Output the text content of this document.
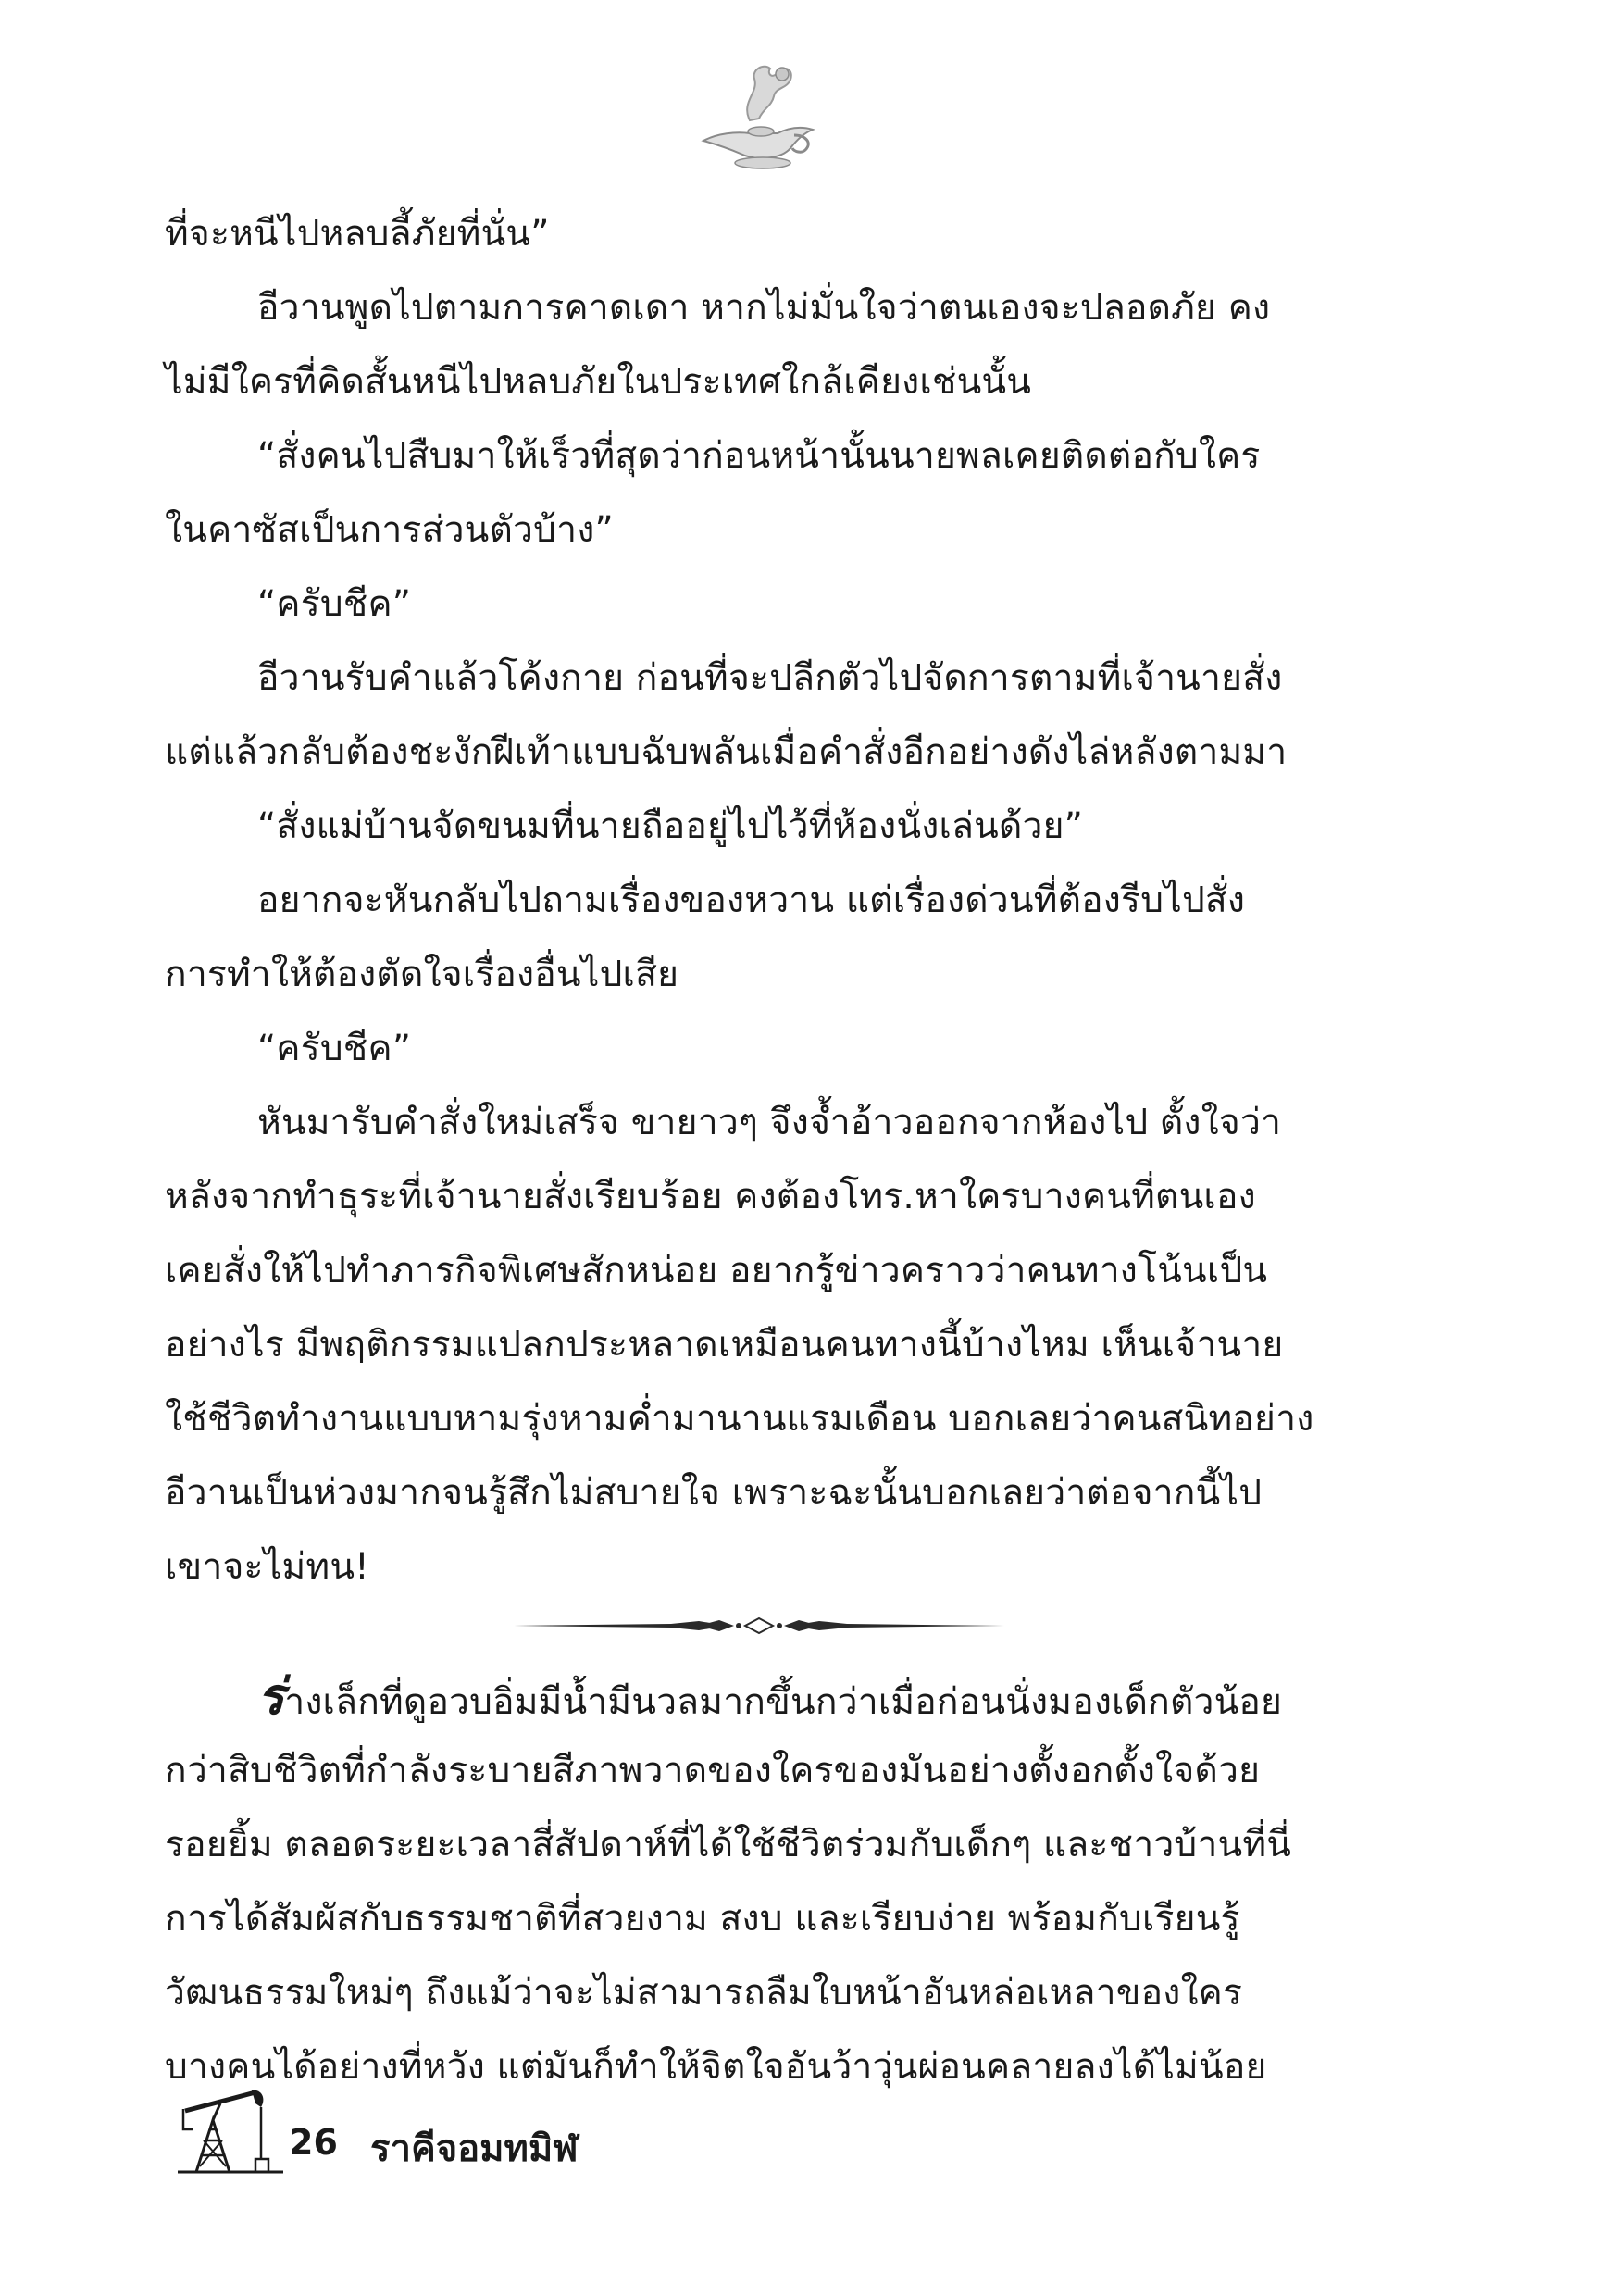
ที่จะหนีไปหลบลี้ภัยที่นั่น”
อีวานพูดไปตามการคาดเดา หากไม่มั่นใจว่าตนเองจะปลอดภัย คง
ไม่มีใครที่คิดสั้นหนีไปหลบภัยในประเทศใกล้เคียงเช่นนั้น
“สั่งคนไปสืบมาให้เร็วที่สุดว่าก่อนหน้านั้นนายพลเคยติดต่อกับใคร
ในคาซัสเป็นการส่วนตัวบ้าง”
“ครับชีค”
อีวานรับคำแล้วโค้งกาย ก่อนที่จะปลีกตัวไปจัดการตามที่เจ้านายสั่ง
แต่แล้วกลับต้องชะงักฝีเท้าแบบฉับพลันเมื่อคำสั่งอีกอย่างดังไล่หลังตามมา
“สั่งแม่บ้านจัดขนมที่นายถืออยู่ไปไว้ที่ห้องนั่งเล่นด้วย”
อยากจะหันกลับไปถามเรื่องของหวาน แต่เรื่องด่วนที่ต้องรีบไปสั่ง
การทำให้ต้องตัดใจเรื่องอื่นไปเสีย
“ครับชีค”
หันมารับคำสั่งใหม่เสร็จ ขายาวๆ จึงจ้ำอ้าวออกจากห้องไป ตั้งใจว่า
หลังจากทำธุระที่เจ้านายสั่งเรียบร้อย คงต้องโทร.หาใครบางคนที่ตนเอง
เคยสั่งให้ไปทำภารกิจพิเศษสักหน่อย อยากรู้ข่าวคราวว่าคนทางโน้นเป็น
อย่างไร มีพฤติกรรมแปลกประหลาดเหมือนคนทางนี้บ้างไหม เห็นเจ้านาย
ใช้ชีวิตทำงานแบบหามรุ่งหามค่ำมานานแรมเดือน บอกเลยว่าคนสนิทอย่าง
อีวานเป็นห่วงมากจนรู้สึกไม่สบายใจ เพราะฉะนั้นบอกเลยว่าต่อจากนี้ไป
เขาจะไม่ทน!
ร่างเล็กที่ดูอวบอิ่มมีน้ำมีนวลมากขึ้นกว่าเมื่อก่อนนั่งมองเด็กตัวน้อย
กว่าสิบชีวิตที่กำลังระบายสีภาพวาดของใครของมันอย่างตั้งอกตั้งใจด้วย
รอยยิ้ม ตลอดระยะเวลาสี่สัปดาห์ที่ได้ใช้ชีวิตร่วมกับเด็กๆ และชาวบ้านที่นี่
การได้สัมผัสกับธรรมชาติที่สวยงาม สงบ และเรียบง่าย พร้อมกับเรียนรู้
วัฒนธรรมใหม่ๆ ถึงแม้ว่าจะไม่สามารถลืมใบหน้าอันหล่อเหลาของใคร
บางคนได้อย่างที่หวัง แต่มันก็ทำให้จิตใจอันว้าวุ่นผ่อนคลายลงได้ไม่น้อย
26 ราคีจอมทมิฬ
